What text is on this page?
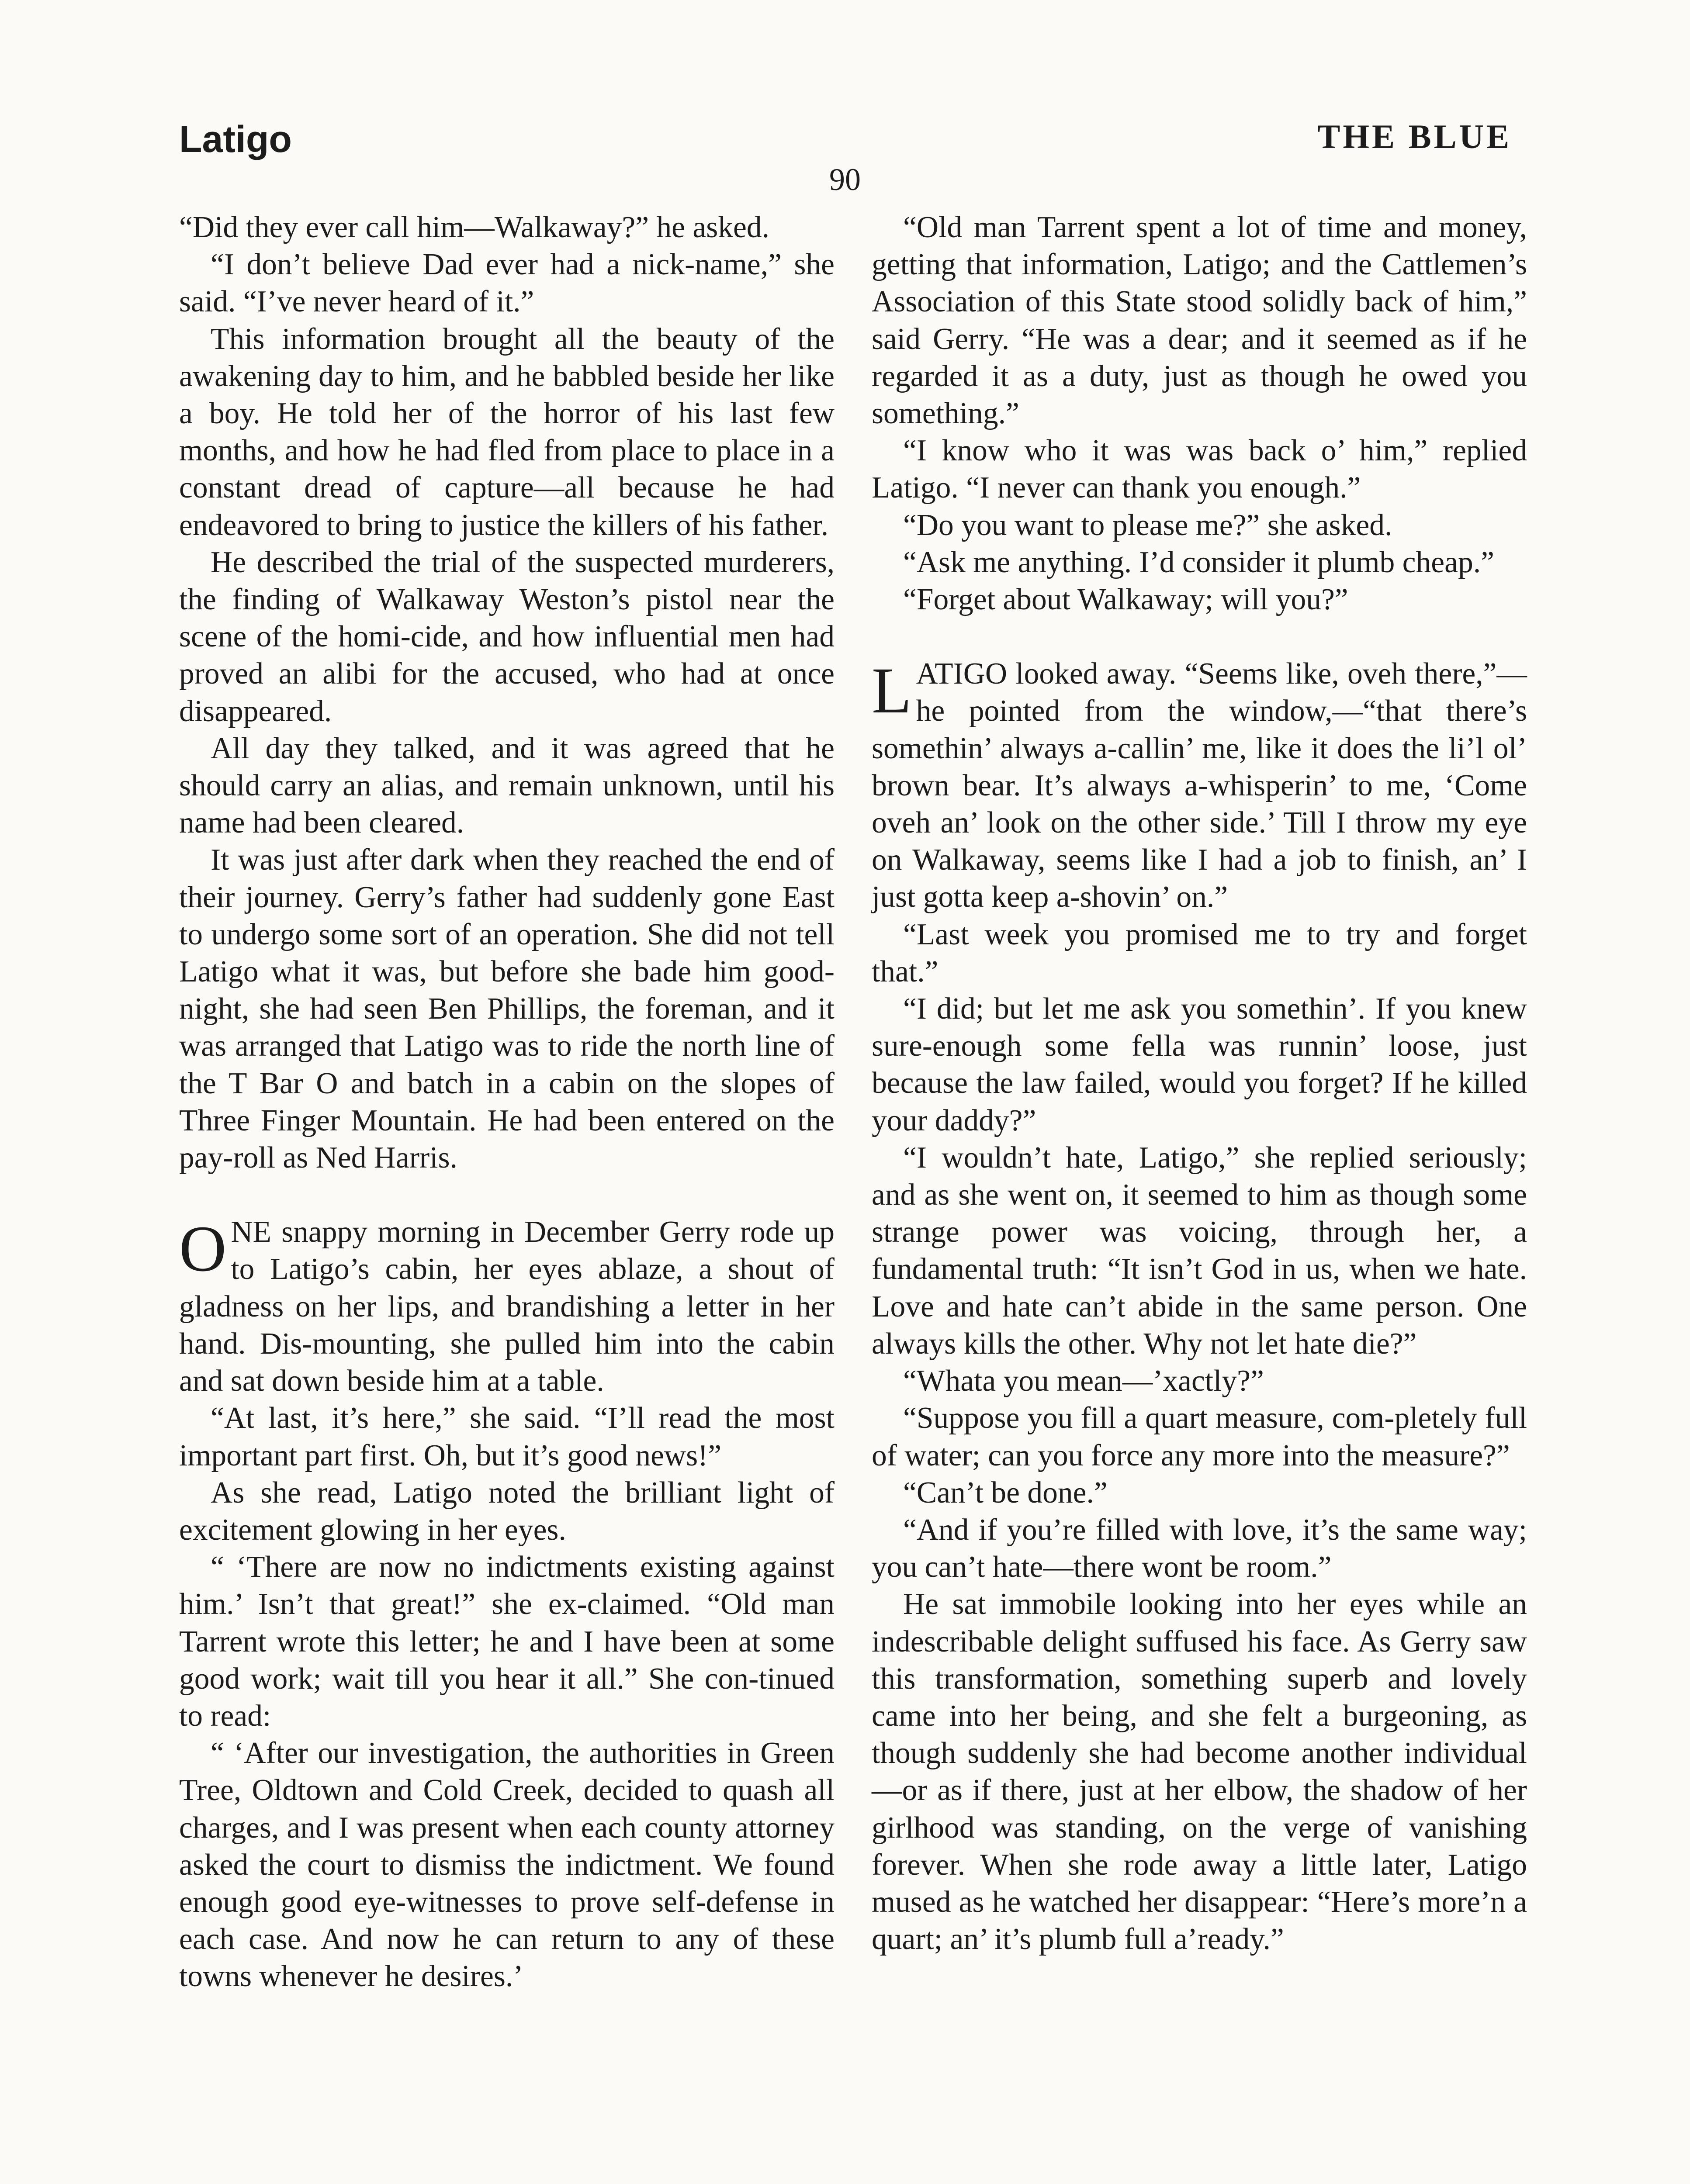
Latigo	THE BLUE
90

“Did they ever call him—Walkaway?” he asked.

“I don’t believe Dad ever had a nick-name,” she said. “I’ve never heard of it.”

This information brought all the beauty of the awakening day to him, and he babbled beside her like a boy. He told her of the horror of his last few months, and how he had fled from place to place in a constant dread of capture—all because he had endeavored to bring to justice the killers of his father.

He described the trial of the suspected murderers, the finding of Walkaway Weston’s pistol near the scene of the homi-cide, and how influential men had proved an alibi for the accused, who had at once disappeared.

All day they talked, and it was agreed that he should carry an alias, and remain unknown, until his name had been cleared.

It was just after dark when they reached the end of their journey. Gerry’s father had suddenly gone East to undergo some sort of an operation. She did not tell Latigo what it was, but before she bade him good-night, she had seen Ben Phillips, the foreman, and it was arranged that Latigo was to ride the north line of the T Bar O and batch in a cabin on the slopes of Three Finger Mountain. He had been entered on the pay-roll as Ned Harris.

ONE snappy morning in December Gerry rode up to Latigo’s cabin, her eyes ablaze, a shout of gladness on her lips, and brandishing a letter in her hand. Dis-mounting, she pulled him into the cabin and sat down beside him at a table.

“At last, it’s here,” she said. “I’ll read the most important part first. Oh, but it’s good news!”

As she read, Latigo noted the brilliant light of excitement glowing in her eyes.

“ ‘There are now no indictments existing against him.’ Isn’t that great!” she ex-claimed. “Old man Tarrent wrote this letter; he and I have been at some good work; wait till you hear it all.” She con-tinued to read:

“ ‘After our investigation, the authorities in Green Tree, Oldtown and Cold Creek, decided to quash all charges, and I was present when each county attorney asked the court to dismiss the indictment. We found enough good eye-witnesses to prove self-defense in each case. And now he can return to any of these towns whenever he desires.’

“Old man Tarrent spent a lot of time and money, getting that information, Latigo; and the Cattlemen’s Association of this State stood solidly back of him,” said Gerry. “He was a dear; and it seemed as if he regarded it as a duty, just as though he owed you something.”

“I know who it was was back o’ him,” replied Latigo. “I never can thank you enough.”

“Do you want to please me?” she asked.

“Ask me anything. I’d consider it plumb cheap.”

“Forget about Walkaway; will you?”

LATIGO looked away. “Seems like, oveh there,”—he pointed from the window,—“that there’s somethin’ always a-callin’ me, like it does the li’l ol’ brown bear. It’s always a-whisperin’ to me, ‘Come oveh an’ look on the other side.’ Till I throw my eye on Walkaway, seems like I had a job to finish, an’ I just gotta keep a-shovin’ on.”

“Last week you promised me to try and forget that.”

“I did; but let me ask you somethin’. If you knew sure-enough some fella was runnin’ loose, just because the law failed, would you forget? If he killed your daddy?”

“I wouldn’t hate, Latigo,” she replied seriously; and as she went on, it seemed to him as though some strange power was voicing, through her, a fundamental truth: “It isn’t God in us, when we hate. Love and hate can’t abide in the same person. One always kills the other. Why not let hate die?”

“Whata you mean—’xactly?”

“Suppose you fill a quart measure, com-pletely full of water; can you force any more into the measure?”

“Can’t be done.”

“And if you’re filled with love, it’s the same way; you can’t hate—there wont be room.”

He sat immobile looking into her eyes while an indescribable delight suffused his face. As Gerry saw this transformation, something superb and lovely came into her being, and she felt a burgeoning, as though suddenly she had become another individual —or as if there, just at her elbow, the shadow of her girlhood was standing, on the verge of vanishing forever. When she rode away a little later, Latigo mused as he watched her disappear: “Here’s more’n a quart; an’ it’s plumb full a’ready.”
